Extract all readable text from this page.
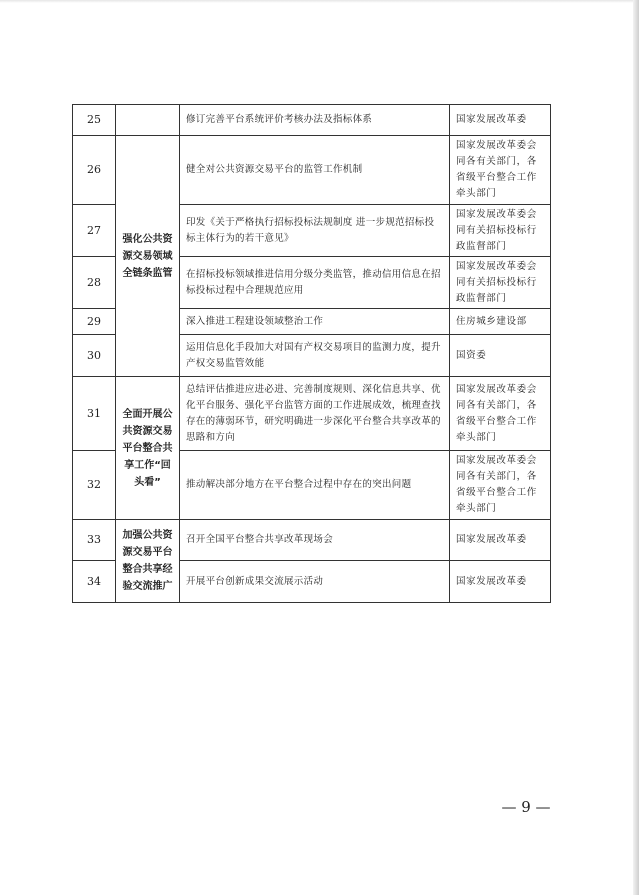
25		修订完善平台系统评价考核办法及指标体系	国家发展改革委
26	强化公共资源交易领域全链条监管	健全对公共资源交易平台的监管工作机制	国家发展改革委会同各有关部门，各省级平台整合工作牵头部门
27		印发《关于严格执行招标投标法规制度 进一步规范招标投标主体行为的若干意见》	国家发展改革委会同有关招标投标行政监督部门
28		在招标投标领域推进信用分级分类监管，推动信用信息在招标投标过程中合理规范应用	国家发展改革委会同有关招标投标行政监督部门
29		深入推进工程建设领域整治工作	住房城乡建设部
30		运用信息化手段加大对国有产权交易项目的监测力度，提升产权交易监管效能	国资委
31	全面开展公共资源交易平台整合共享工作“回头看”	总结评估推进应进必进、完善制度规则、深化信息共享、优化平台服务、强化平台监管方面的工作进展成效，梳理查找存在的薄弱环节，研究明确进一步深化平台整合共享改革的思路和方向	国家发展改革委会同各有关部门，各省级平台整合工作牵头部门
32		推动解决部分地方在平台整合过程中存在的突出问题	国家发展改革委会同各有关部门，各省级平台整合工作牵头部门
33	加强公共资源交易平台整合共享经验交流推广	召开全国平台整合共享改革现场会	国家发展改革委
34		开展平台创新成果交流展示活动	国家发展改革委
— 9 —
